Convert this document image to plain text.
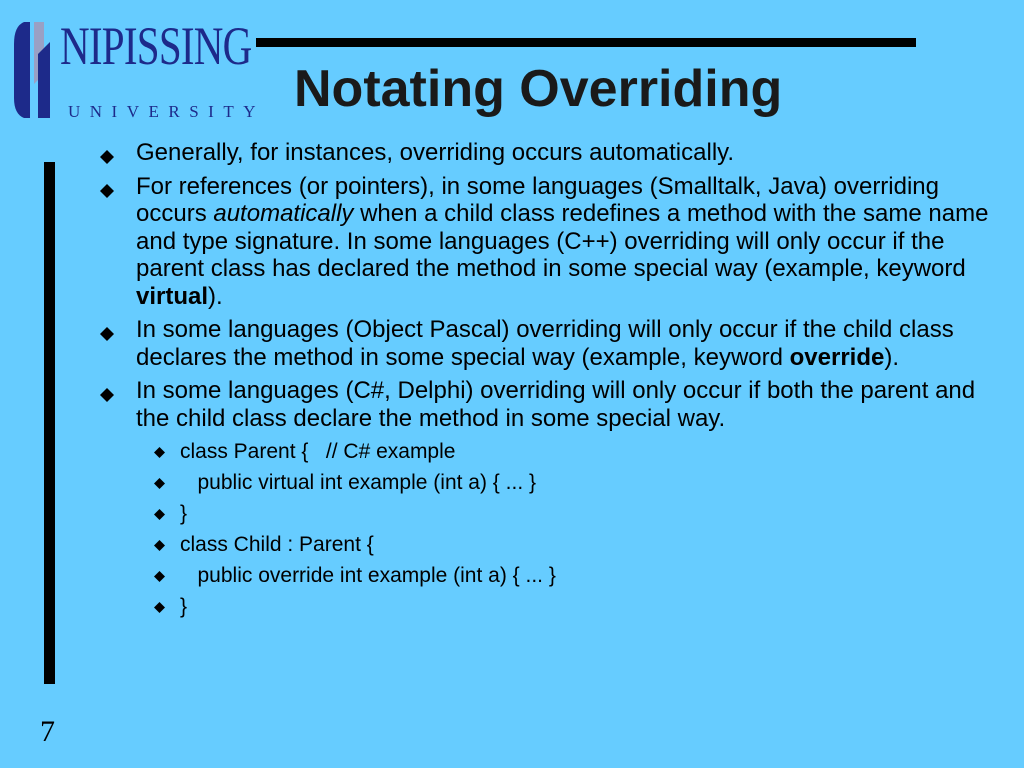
NIPISSING
UNIVERSITY Notating Overriding
Generally, for instances, overriding occurs automatically.
For references (or pointers), in some languages (Smalltalk, Java) overriding occurs automatically when a child class redefines a method with the same name and type signature. In some languages (C++) overriding will only occur if the parent class has declared the method in some special way (example, keyword virtual).
In some languages (Object Pascal) overriding will only occur if the child class declares the method in some special way (example, keyword override).
In some languages (C#, Delphi) overriding will only occur if both the parent and the child class declare the method in some special way.
class Parent {   // C# example
public virtual int example (int a) { ... }
}
class Child : Parent {
public override int example (int a) { ... }
}
7
